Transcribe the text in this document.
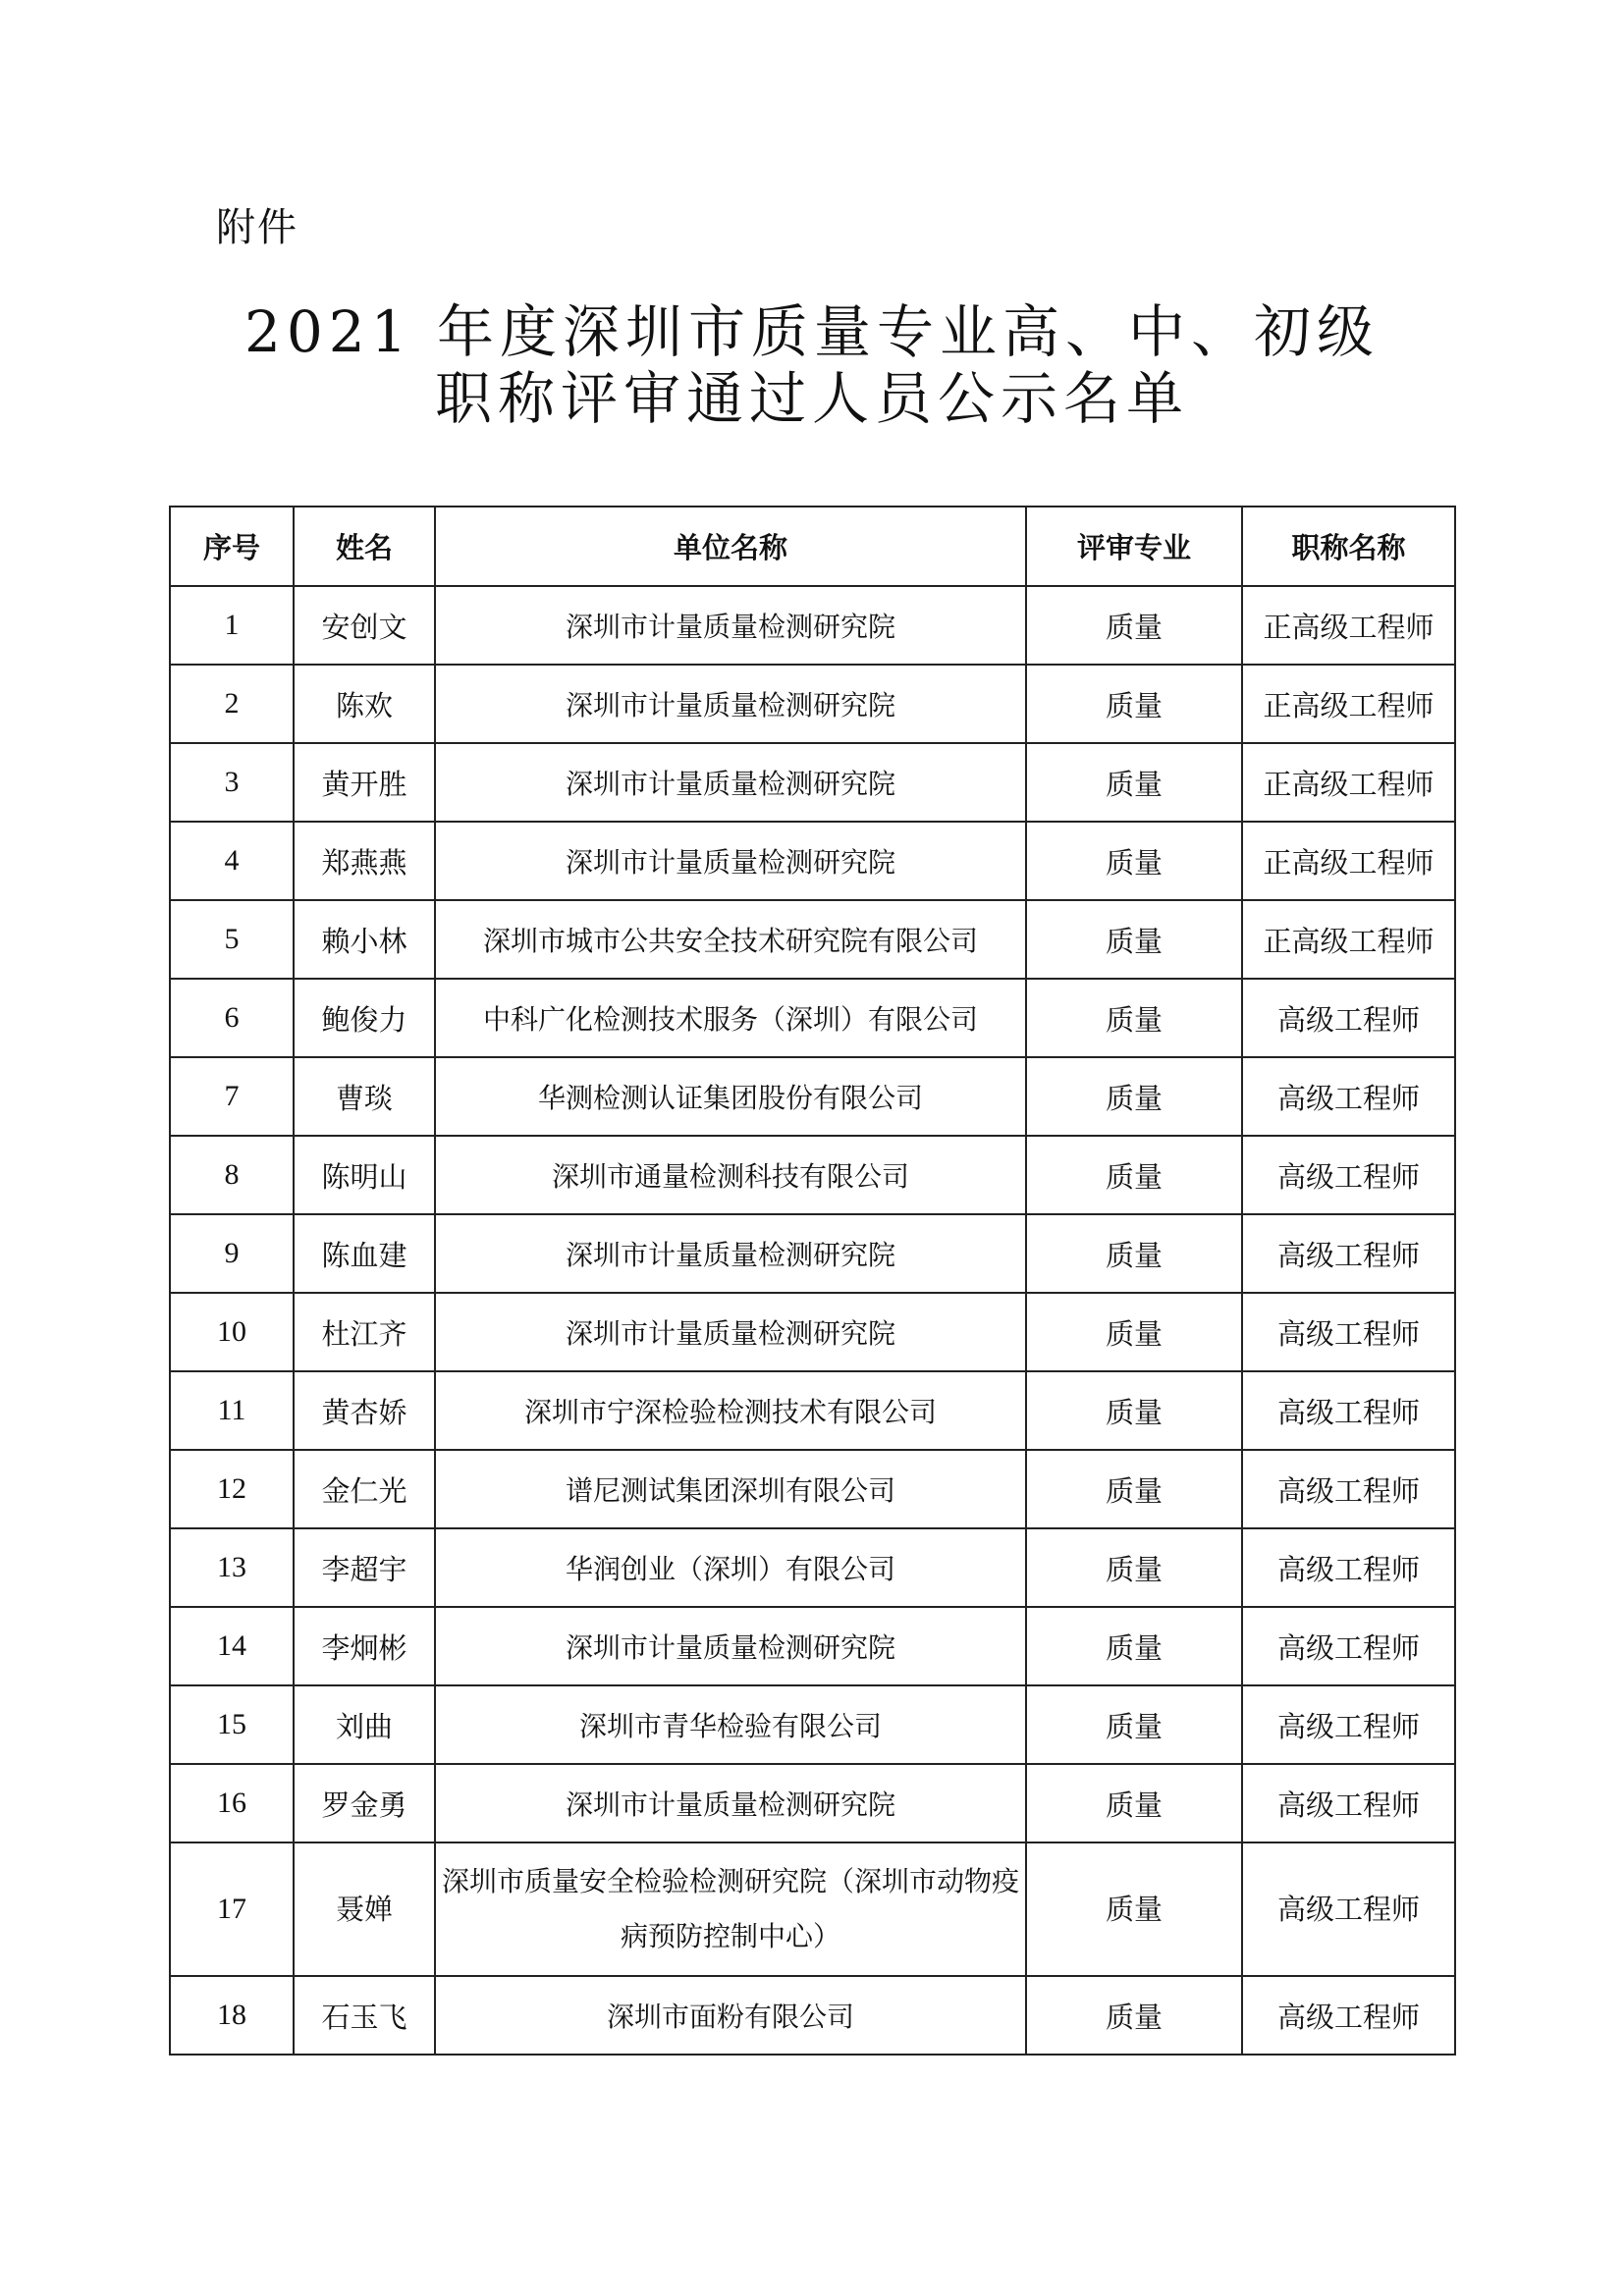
附件
2021 年度深圳市质量专业高、中、初级
职称评审通过人员公示名单
序号	姓名	单位名称	评审专业	职称名称
1	安创文	深圳市计量质量检测研究院	质量	正高级工程师
2	陈欢	深圳市计量质量检测研究院	质量	正高级工程师
3	黄开胜	深圳市计量质量检测研究院	质量	正高级工程师
4	郑燕燕	深圳市计量质量检测研究院	质量	正高级工程师
5	赖小林	深圳市城市公共安全技术研究院有限公司	质量	正高级工程师
6	鲍俊力	中科广化检测技术服务（深圳）有限公司	质量	高级工程师
7	曹琰	华测检测认证集团股份有限公司	质量	高级工程师
8	陈明山	深圳市通量检测科技有限公司	质量	高级工程师
9	陈血建	深圳市计量质量检测研究院	质量	高级工程师
10	杜江齐	深圳市计量质量检测研究院	质量	高级工程师
11	黄杏娇	深圳市宁深检验检测技术有限公司	质量	高级工程师
12	金仁光	谱尼测试集团深圳有限公司	质量	高级工程师
13	李超宇	华润创业（深圳）有限公司	质量	高级工程师
14	李炯彬	深圳市计量质量检测研究院	质量	高级工程师
15	刘曲	深圳市青华检验有限公司	质量	高级工程师
16	罗金勇	深圳市计量质量检测研究院	质量	高级工程师
17	聂婵	深圳市质量安全检验检测研究院（深圳市动物疫病预防控制中心）	质量	高级工程师
18	石玉飞	深圳市面粉有限公司	质量	高级工程师
